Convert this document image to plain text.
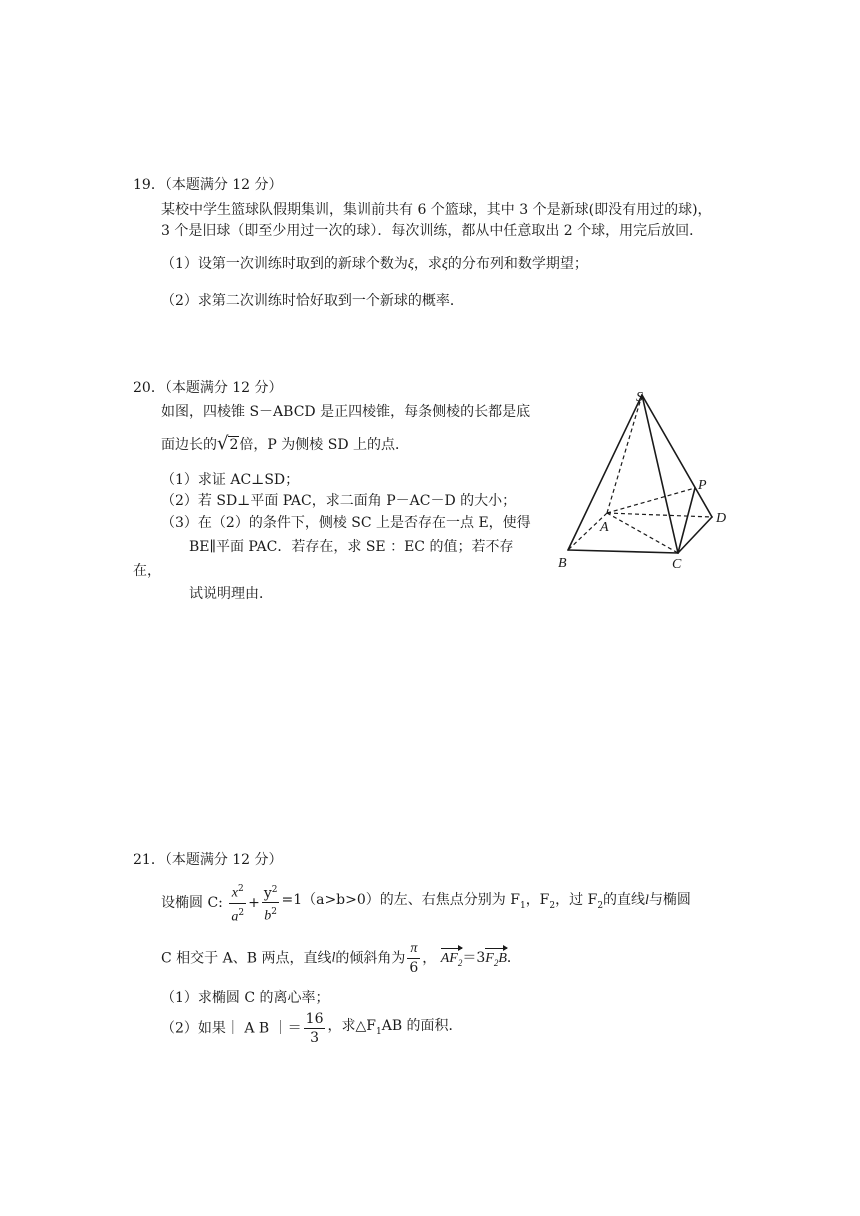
19．（本题满分 12 分）
某校中学生篮球队假期集训，集训前共有 6 个篮球，其中 3 个是新球(即没有用过的球)，
3 个是旧球（即至少用过一次的球）．每次训练，都从中任意取出 2 个球，用完后放回．
（1）设第一次训练时取到的新球个数为ξ，求ξ的分布列和数学期望；
（2）求第二次训练时恰好取到一个新球的概率．
20．（本题满分 12 分）
如图，四棱锥 S－ABCD 是正四棱锥，每条侧棱的长都是底
面边长的√2倍，P 为侧棱 SD 上的点．
（1）求证 AC⊥SD；
（2）若 SD⊥平面 PAC，求二面角 P－AC－D 的大小；
（3）在（2）的条件下，侧棱 SC 上是否存在一点 E，使得
BE∥平面 PAC．若存在，求 SE ：EC 的值；若不存
在，
试说明理由．
S
P
D
A
B	C
21．（本题满分 12 分）
设椭圆 C: $\frac{x^2}{a^2} + \frac{y^2}{b^2} =1(a>b>0)$的左、右焦点分别为 $F_1$，$F_2$，过 $F_2$的直线l与椭圆
C 相交于 A、B 两点，直线l的倾斜角为 $\frac{\pi}{6}$ ， $AF_2=3F_2B$．
（1）求椭圆 C 的离心率；
（2）如果｜ A B ｜＝ $\frac{16}{3}$ ，求$\triangle F_1AB$ 的面积．
